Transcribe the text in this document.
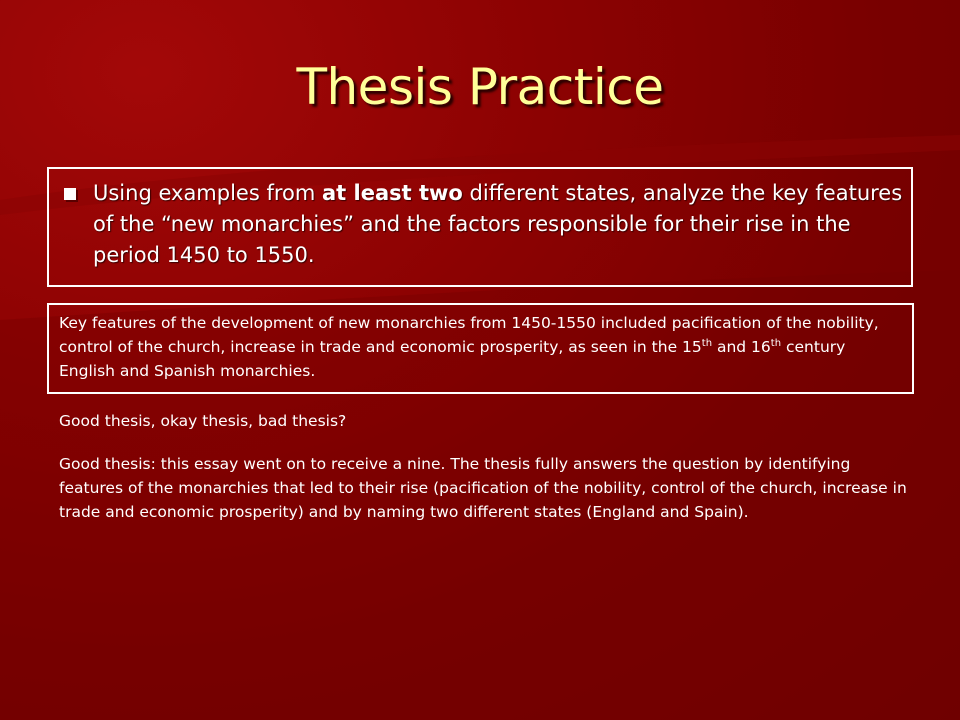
Thesis Practice
Using examples from at least two different states, analyze the key features of the “new monarchies” and the factors responsible for their rise in the period 1450 to 1550.
Key features of the development of new monarchies from 1450-1550 included pacification of the nobility, control of the church, increase in trade and economic prosperity, as seen in the 15th and 16th century English and Spanish monarchies.
Good thesis, okay thesis, bad thesis?
Good thesis: this essay went on to receive a nine. The thesis fully answers the question by identifying features of the monarchies that led to their rise (pacification of the nobility, control of the church, increase in trade and economic prosperity) and by naming two different states (England and Spain).
